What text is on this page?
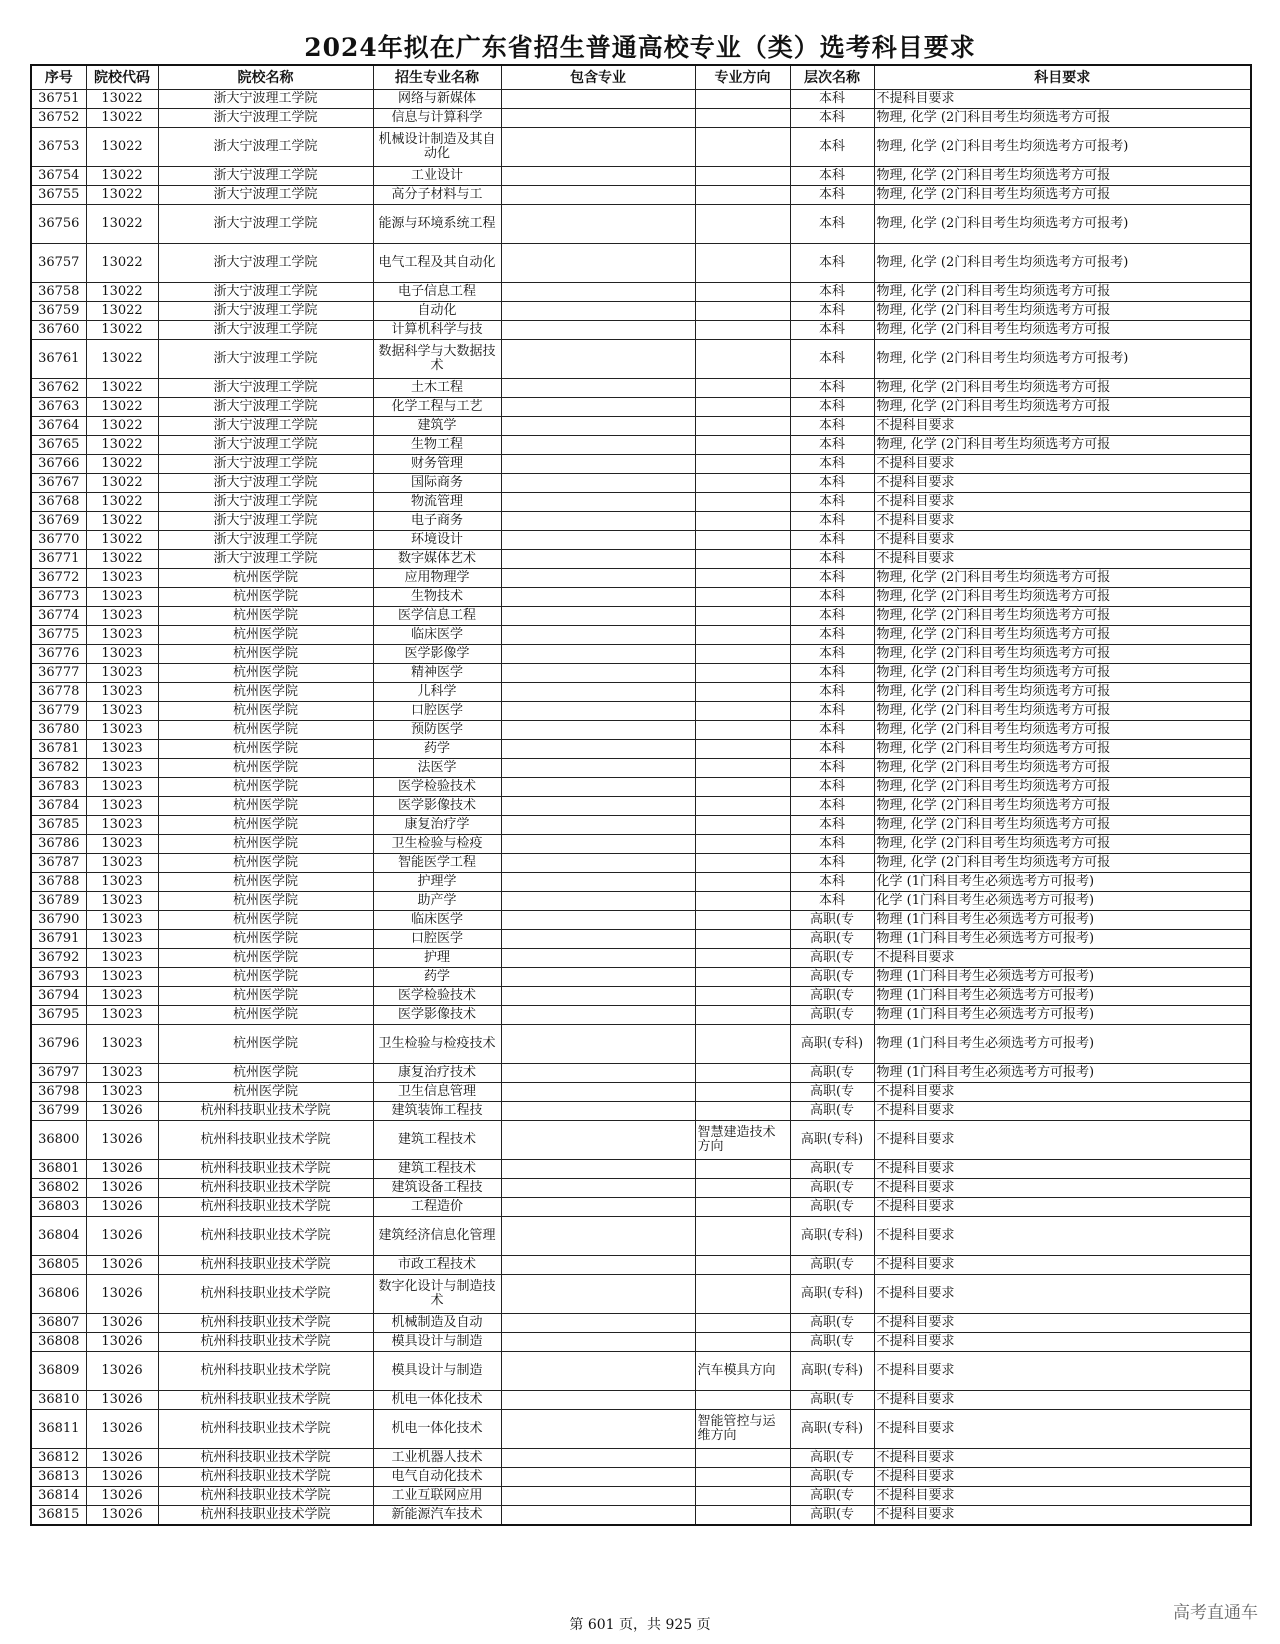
2024年拟在广东省招生普通高校专业（类）选考科目要求
序号	院校代码	院校名称	招生专业名称	包含专业	专业方向	层次名称	科目要求
36751	13022	浙大宁波理工学院	网络与新媒体			本科	不提科目要求
36752	13022	浙大宁波理工学院	信息与计算科学			本科	物理, 化学 (2门科目考生均须选考方可报
36753	13022	浙大宁波理工学院	机械设计制造及其自动化			本科	物理, 化学 (2门科目考生均须选考方可报考)
36754	13022	浙大宁波理工学院	工业设计			本科	物理, 化学 (2门科目考生均须选考方可报
36755	13022	浙大宁波理工学院	高分子材料与工			本科	物理, 化学 (2门科目考生均须选考方可报
36756	13022	浙大宁波理工学院	能源与环境系统工程			本科	物理, 化学 (2门科目考生均须选考方可报考)
36757	13022	浙大宁波理工学院	电气工程及其自动化			本科	物理, 化学 (2门科目考生均须选考方可报考)
36758	13022	浙大宁波理工学院	电子信息工程			本科	物理, 化学 (2门科目考生均须选考方可报
36759	13022	浙大宁波理工学院	自动化			本科	物理, 化学 (2门科目考生均须选考方可报
36760	13022	浙大宁波理工学院	计算机科学与技			本科	物理, 化学 (2门科目考生均须选考方可报
36761	13022	浙大宁波理工学院	数据科学与大数据技术			本科	物理, 化学 (2门科目考生均须选考方可报考)
36762	13022	浙大宁波理工学院	土木工程			本科	物理, 化学 (2门科目考生均须选考方可报
36763	13022	浙大宁波理工学院	化学工程与工艺			本科	物理, 化学 (2门科目考生均须选考方可报
36764	13022	浙大宁波理工学院	建筑学			本科	不提科目要求
36765	13022	浙大宁波理工学院	生物工程			本科	物理, 化学 (2门科目考生均须选考方可报
36766	13022	浙大宁波理工学院	财务管理			本科	不提科目要求
36767	13022	浙大宁波理工学院	国际商务			本科	不提科目要求
36768	13022	浙大宁波理工学院	物流管理			本科	不提科目要求
36769	13022	浙大宁波理工学院	电子商务			本科	不提科目要求
36770	13022	浙大宁波理工学院	环境设计			本科	不提科目要求
36771	13022	浙大宁波理工学院	数字媒体艺术			本科	不提科目要求
36772	13023	杭州医学院	应用物理学			本科	物理, 化学 (2门科目考生均须选考方可报
36773	13023	杭州医学院	生物技术			本科	物理, 化学 (2门科目考生均须选考方可报
36774	13023	杭州医学院	医学信息工程			本科	物理, 化学 (2门科目考生均须选考方可报
36775	13023	杭州医学院	临床医学			本科	物理, 化学 (2门科目考生均须选考方可报
36776	13023	杭州医学院	医学影像学			本科	物理, 化学 (2门科目考生均须选考方可报
36777	13023	杭州医学院	精神医学			本科	物理, 化学 (2门科目考生均须选考方可报
36778	13023	杭州医学院	儿科学			本科	物理, 化学 (2门科目考生均须选考方可报
36779	13023	杭州医学院	口腔医学			本科	物理, 化学 (2门科目考生均须选考方可报
36780	13023	杭州医学院	预防医学			本科	物理, 化学 (2门科目考生均须选考方可报
36781	13023	杭州医学院	药学			本科	物理, 化学 (2门科目考生均须选考方可报
36782	13023	杭州医学院	法医学			本科	物理, 化学 (2门科目考生均须选考方可报
36783	13023	杭州医学院	医学检验技术			本科	物理, 化学 (2门科目考生均须选考方可报
36784	13023	杭州医学院	医学影像技术			本科	物理, 化学 (2门科目考生均须选考方可报
36785	13023	杭州医学院	康复治疗学			本科	物理, 化学 (2门科目考生均须选考方可报
36786	13023	杭州医学院	卫生检验与检疫			本科	物理, 化学 (2门科目考生均须选考方可报
36787	13023	杭州医学院	智能医学工程			本科	物理, 化学 (2门科目考生均须选考方可报
36788	13023	杭州医学院	护理学			本科	化学 (1门科目考生必须选考方可报考)
36789	13023	杭州医学院	助产学			本科	化学 (1门科目考生必须选考方可报考)
36790	13023	杭州医学院	临床医学			高职(专	物理 (1门科目考生必须选考方可报考)
36791	13023	杭州医学院	口腔医学			高职(专	物理 (1门科目考生必须选考方可报考)
36792	13023	杭州医学院	护理			高职(专	不提科目要求
36793	13023	杭州医学院	药学			高职(专	物理 (1门科目考生必须选考方可报考)
36794	13023	杭州医学院	医学检验技术			高职(专	物理 (1门科目考生必须选考方可报考)
36795	13023	杭州医学院	医学影像技术			高职(专	物理 (1门科目考生必须选考方可报考)
36796	13023	杭州医学院	卫生检验与检疫技术			高职(专科)	物理 (1门科目考生必须选考方可报考)
36797	13023	杭州医学院	康复治疗技术			高职(专	物理 (1门科目考生必须选考方可报考)
36798	13023	杭州医学院	卫生信息管理			高职(专	不提科目要求
36799	13026	杭州科技职业技术学院	建筑装饰工程技			高职(专	不提科目要求
36800	13026	杭州科技职业技术学院	建筑工程技术		智慧建造技术方向	高职(专科)	不提科目要求
36801	13026	杭州科技职业技术学院	建筑工程技术			高职(专	不提科目要求
36802	13026	杭州科技职业技术学院	建筑设备工程技			高职(专	不提科目要求
36803	13026	杭州科技职业技术学院	工程造价			高职(专	不提科目要求
36804	13026	杭州科技职业技术学院	建筑经济信息化管理			高职(专科)	不提科目要求
36805	13026	杭州科技职业技术学院	市政工程技术			高职(专	不提科目要求
36806	13026	杭州科技职业技术学院	数字化设计与制造技术			高职(专科)	不提科目要求
36807	13026	杭州科技职业技术学院	机械制造及自动			高职(专	不提科目要求
36808	13026	杭州科技职业技术学院	模具设计与制造			高职(专	不提科目要求
36809	13026	杭州科技职业技术学院	模具设计与制造		汽车模具方向	高职(专科)	不提科目要求
36810	13026	杭州科技职业技术学院	机电一体化技术			高职(专	不提科目要求
36811	13026	杭州科技职业技术学院	机电一体化技术		智能管控与运维方向	高职(专科)	不提科目要求
36812	13026	杭州科技职业技术学院	工业机器人技术			高职(专	不提科目要求
36813	13026	杭州科技职业技术学院	电气自动化技术			高职(专	不提科目要求
36814	13026	杭州科技职业技术学院	工业互联网应用			高职(专	不提科目要求
36815	13026	杭州科技职业技术学院	新能源汽车技术			高职(专	不提科目要求
第 601 页，共 925 页
高考直通车
